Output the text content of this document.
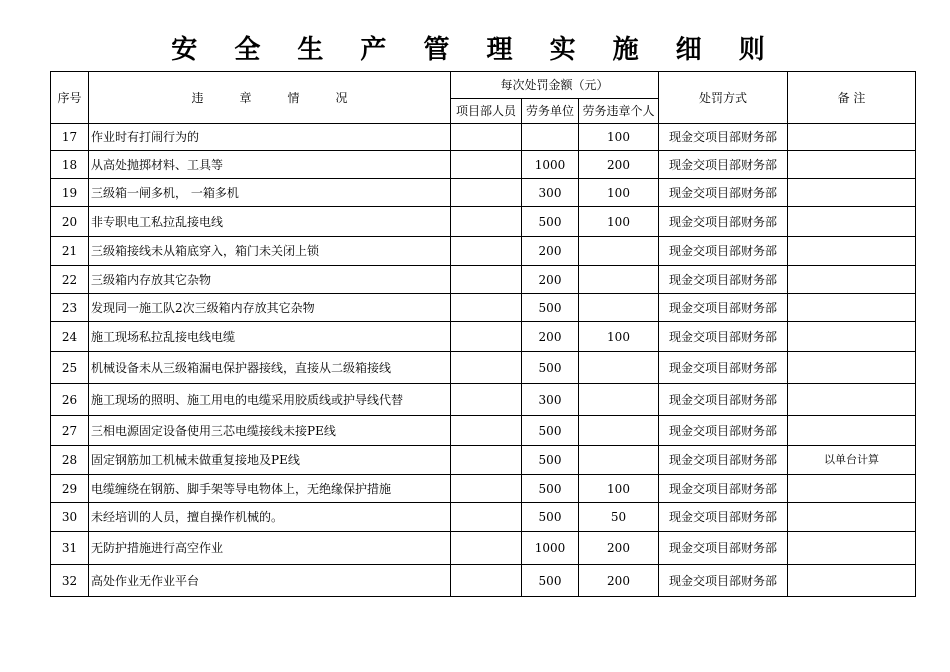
安 全 生 产 管 理 实 施 细 则
序号	违章情况	每次处罚金额（元）			处罚方式	备 注
		项目部人员	劳务单位	劳务违章个人		
17	作业时有打闹行为的			100	现金交项目部财务部	
18	从高处抛掷材料、工具等		1000	200	现金交项目部财务部	
19	三级箱一闸多机， 一箱多机		300	100	现金交项目部财务部	
20	非专职电工私拉乱接电线		500	100	现金交项目部财务部	
21	三级箱接线未从箱底穿入，箱门未关闭上锁		200		现金交项目部财务部	
22	三级箱内存放其它杂物		200		现金交项目部财务部	
23	发现同一施工队2次三级箱内存放其它杂物		500		现金交项目部财务部	
24	施工现场私拉乱接电线电缆		200	100	现金交项目部财务部	
25	机械设备未从三级箱漏电保护器接线，直接从二级箱接线		500		现金交项目部财务部	
26	施工现场的照明、施工用电的电缆采用胶质线或护导线代替		300		现金交项目部财务部	
27	三相电源固定设备使用三芯电缆接线未接PE线		500		现金交项目部财务部	
28	固定钢筋加工机械未做重复接地及PE线		500		现金交项目部财务部	以单台计算
29	电缆缠绕在钢筋、脚手架等导电物体上，无绝缘保护措施		500	100	现金交项目部财务部	
30	未经培训的人员，擅自操作机械的。		500	50	现金交项目部财务部	
31	无防护措施进行高空作业		1000	200	现金交项目部财务部	
32	高处作业无作业平台		500	200	现金交项目部财务部	
